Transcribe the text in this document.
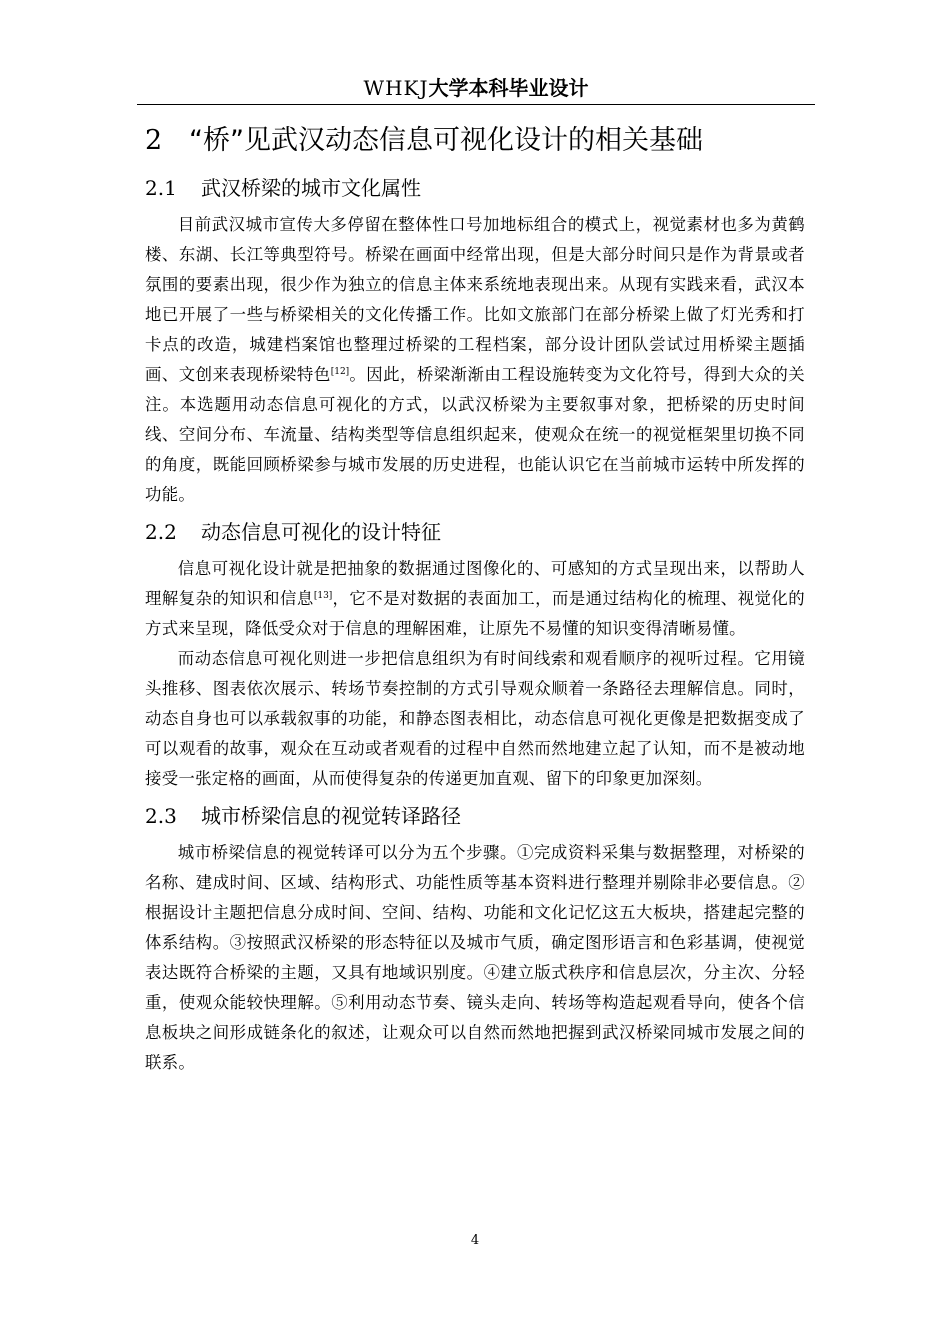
WHKJ大学本科毕业设计
2 “桥”见武汉动态信息可视化设计的相关基础
2.1 武汉桥梁的城市文化属性

目前武汉城市宣传大多停留在整体性口号加地标组合的模式上，视觉素材也多为黄鹤楼、东湖、长江等典型符号。桥梁在画面中经常出现，但是大部分时间只是作为背景或者氛围的要素出现，很少作为独立的信息主体来系统地表现出来。从现有实践来看，武汉本地已开展了一些与桥梁相关的文化传播工作。比如文旅部门在部分桥梁上做了灯光秀和打卡点的改造，城建档案馆也整理过桥梁的工程档案，部分设计团队尝试过用桥梁主题插画、文创来表现桥梁特色[12]。因此，桥梁渐渐由工程设施转变为文化符号，得到大众的关注。本选题用动态信息可视化的方式，以武汉桥梁为主要叙事对象，把桥梁的历史时间线、空间分布、车流量、结构类型等信息组织起来，使观众在统一的视觉框架里切换不同的角度，既能回顾桥梁参与城市发展的历史进程，也能认识它在当前城市运转中所发挥的功能。

2.2 动态信息可视化的设计特征

信息可视化设计就是把抽象的数据通过图像化的、可感知的方式呈现出来，以帮助人理解复杂的知识和信息[13]，它不是对数据的表面加工，而是通过结构化的梳理、视觉化的方式来呈现，降低受众对于信息的理解困难，让原先不易懂的知识变得清晰易懂。

而动态信息可视化则进一步把信息组织为有时间线索和观看顺序的视听过程。它用镜头推移、图表依次展示、转场节奏控制的方式引导观众顺着一条路径去理解信息。同时，动态自身也可以承载叙事的功能，和静态图表相比，动态信息可视化更像是把数据变成了可以观看的故事，观众在互动或者观看的过程中自然而然地建立起了认知，而不是被动地接受一张定格的画面，从而使得复杂的传递更加直观、留下的印象更加深刻。

2.3 城市桥梁信息的视觉转译路径

城市桥梁信息的视觉转译可以分为五个步骤。①完成资料采集与数据整理，对桥梁的名称、建成时间、区域、结构形式、功能性质等基本资料进行整理并剔除非必要信息。②根据设计主题把信息分成时间、空间、结构、功能和文化记忆这五大板块，搭建起完整的体系结构。③按照武汉桥梁的形态特征以及城市气质，确定图形语言和色彩基调，使视觉表达既符合桥梁的主题，又具有地域识别度。④建立版式秩序和信息层次，分主次、分轻重，使观众能较快理解。⑤利用动态节奏、镜头走向、转场等构造起观看导向，使各个信息板块之间形成链条化的叙述，让观众可以自然而然地把握到武汉桥梁同城市发展之间的联系。

4
